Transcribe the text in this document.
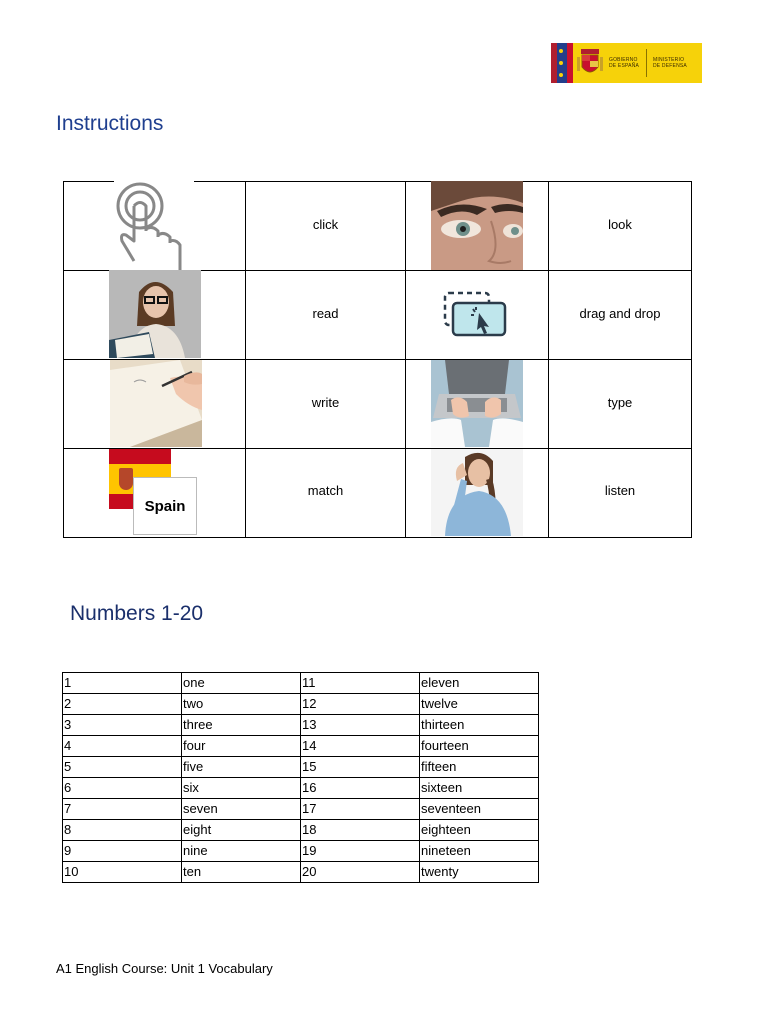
GOBIERNO
DE ESPAÑA
MINISTERIO
DE DEFENSA
Instructions
click	look
read	drag and drop
write	type
Spain
match	listen
Numbers 1-20
1	one	11	eleven
2	two	12	twelve
3	three	13	thirteen
4	four	14	fourteen
5	five	15	fifteen
6	six	16	sixteen
7	seven	17	seventeen
8	eight	18	eighteen
9	nine	19	nineteen
10	ten	20	twenty
A1 English Course: Unit 1 Vocabulary
